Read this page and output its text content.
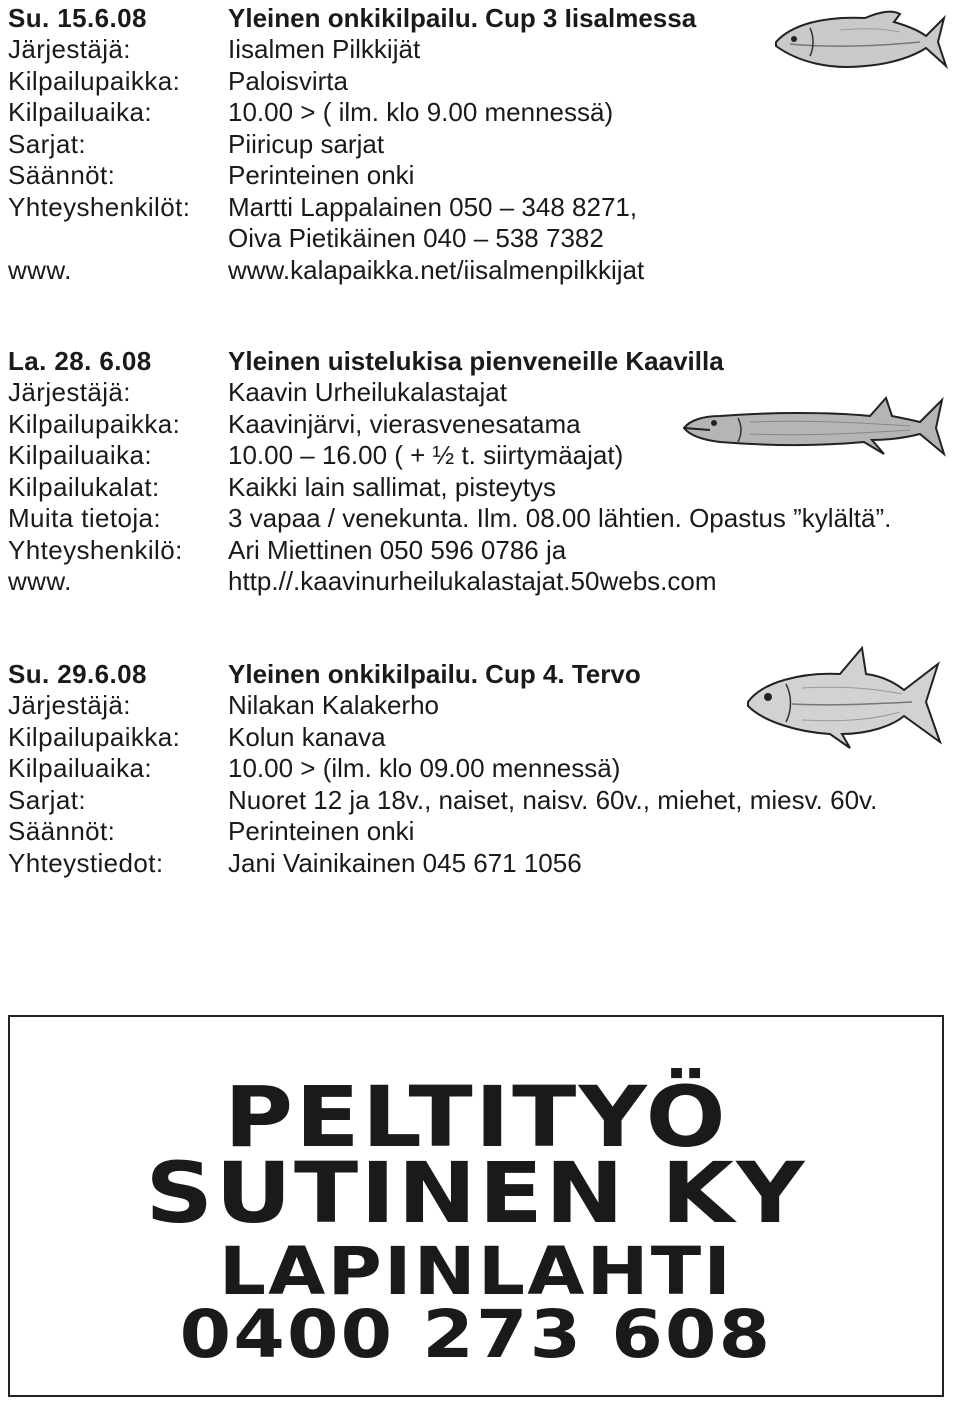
Su. 15.6.08	Yleinen onkikilpailu. Cup 3 Iisalmessa
Järjestäjä:	Iisalmen Pilkkijät
Kilpailupaikka:	Paloisvirta
Kilpailuaika:	10.00 > ( ilm. klo 9.00 mennessä)
Sarjat:	Piiricup sarjat
Säännöt:	Perinteinen onki
Yhteyshenkilöt:	Martti Lappalainen 050 – 348 8271,
Oiva Pietikäinen 040 – 538 7382
www.	www.kalapaikka.net/iisalmenpilkkijat
La. 28. 6.08	Yleinen uistelukisa pienveneille Kaavilla
Järjestäjä:	Kaavin Urheilukalastajat
Kilpailupaikka:	Kaavinjärvi, vierasvenesatama
Kilpailuaika:	10.00 – 16.00 ( + ½ t. siirtymäajat)
Kilpailukalat:	Kaikki lain sallimat, pisteytys
Muita tietoja:	3 vapaa / venekunta. Ilm. 08.00 lähtien. Opastus ”kylältä”.
Yhteyshenkilö:	Ari Miettinen 050 596 0786 ja
www.	http.//.kaavinurheilukalastajat.50webs.com
Su. 29.6.08	Yleinen onkikilpailu. Cup 4. Tervo
Järjestäjä:	Nilakan Kalakerho
Kilpailupaikka:	Kolun kanava
Kilpailuaika:	10.00 > (ilm. klo 09.00 mennessä)
Sarjat:	Nuoret 12 ja 18v., naiset, naisv. 60v., miehet, miesv. 60v.
Säännöt:	Perinteinen onki
Yhteystiedot:	Jani Vainikainen 045 671 1056
PELTITYÖ
SUTINEN KY
LAPINLAHTI
0400 273 608
